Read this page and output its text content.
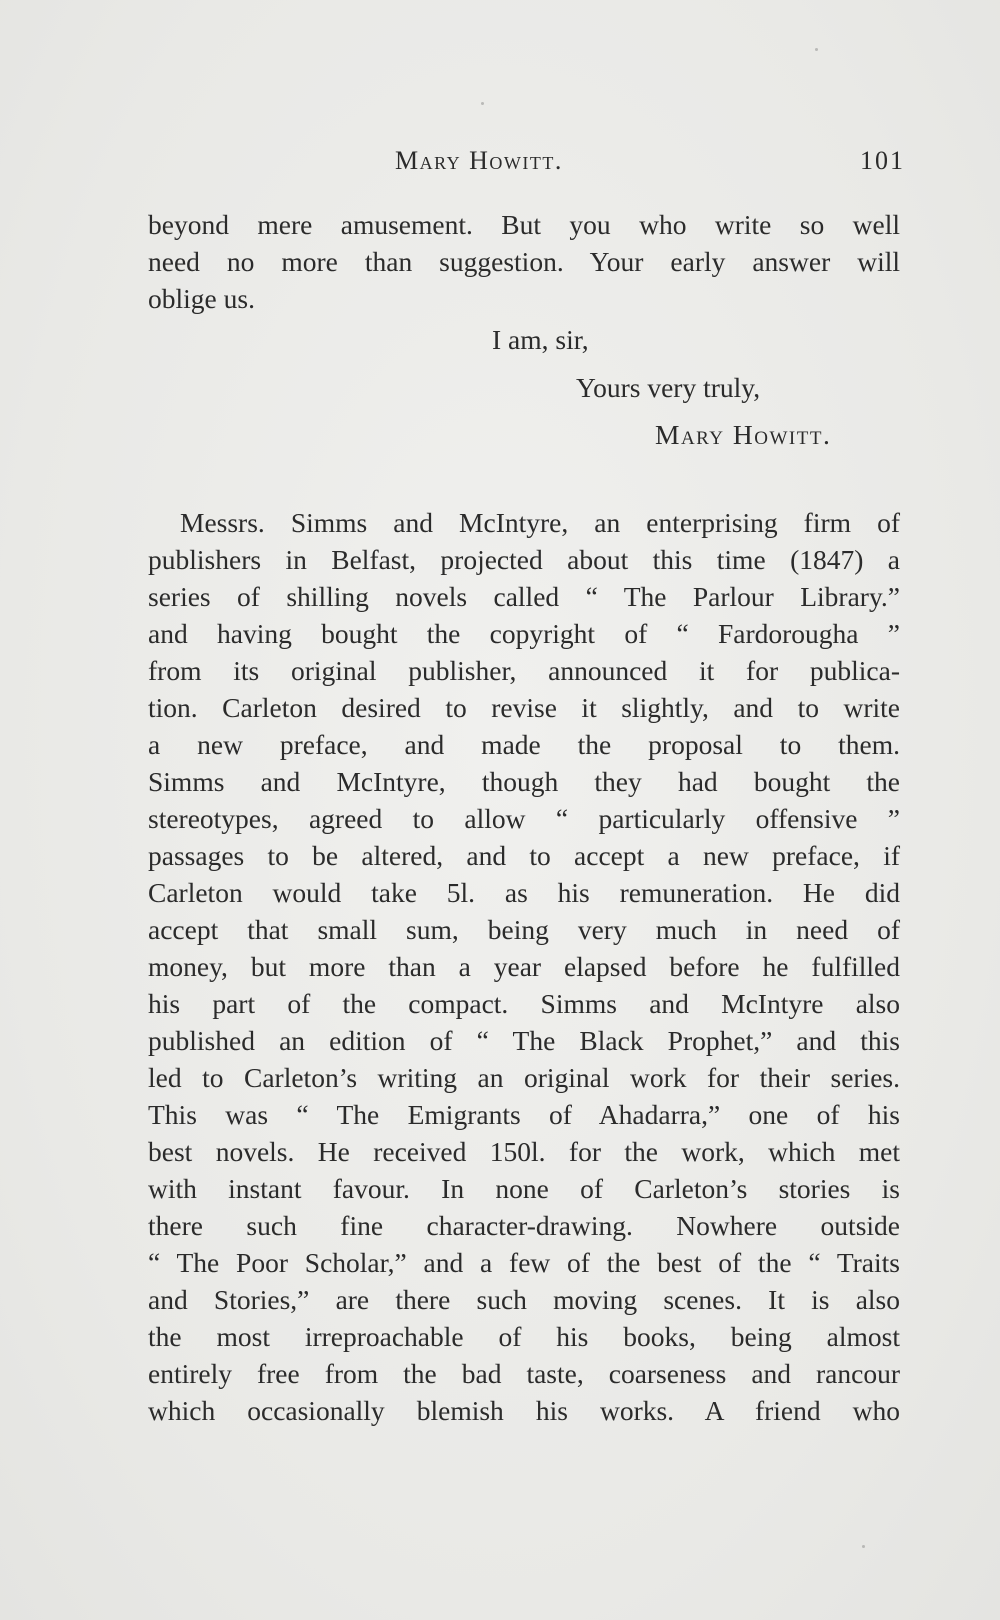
Mary Howitt.	101
beyond mere amusement. But you who write so well
need no more than suggestion. Your early answer will
oblige us.
I am, sir,
Yours very truly,
Mary Howitt.
Messrs. Simms and McIntyre, an enterprising firm of
publishers in Belfast, projected about this time (1847) a
series of shilling novels called “ The Parlour Library.”
and having bought the copyright of “ Fardorougha ”
from its original publisher, announced it for publica-
tion. Carleton desired to revise it slightly, and to write
a new preface, and made the proposal to them.
Simms and McIntyre, though they had bought the
stereotypes, agreed to allow “ particularly offensive ”
passages to be altered, and to accept a new preface, if
Carleton would take 5l. as his remuneration. He did
accept that small sum, being very much in need of
money, but more than a year elapsed before he fulfilled
his part of the compact. Simms and McIntyre also
published an edition of “ The Black Prophet,” and this
led to Carleton’s writing an original work for their series.
This was “ The Emigrants of Ahadarra,” one of his
best novels. He received 150l. for the work, which met
with instant favour. In none of Carleton’s stories is
there such fine character-drawing. Nowhere outside
“ The Poor Scholar,” and a few of the best of the “ Traits
and Stories,” are there such moving scenes. It is also
the most irreproachable of his books, being almost
entirely free from the bad taste, coarseness and rancour
which occasionally blemish his works. A friend who
